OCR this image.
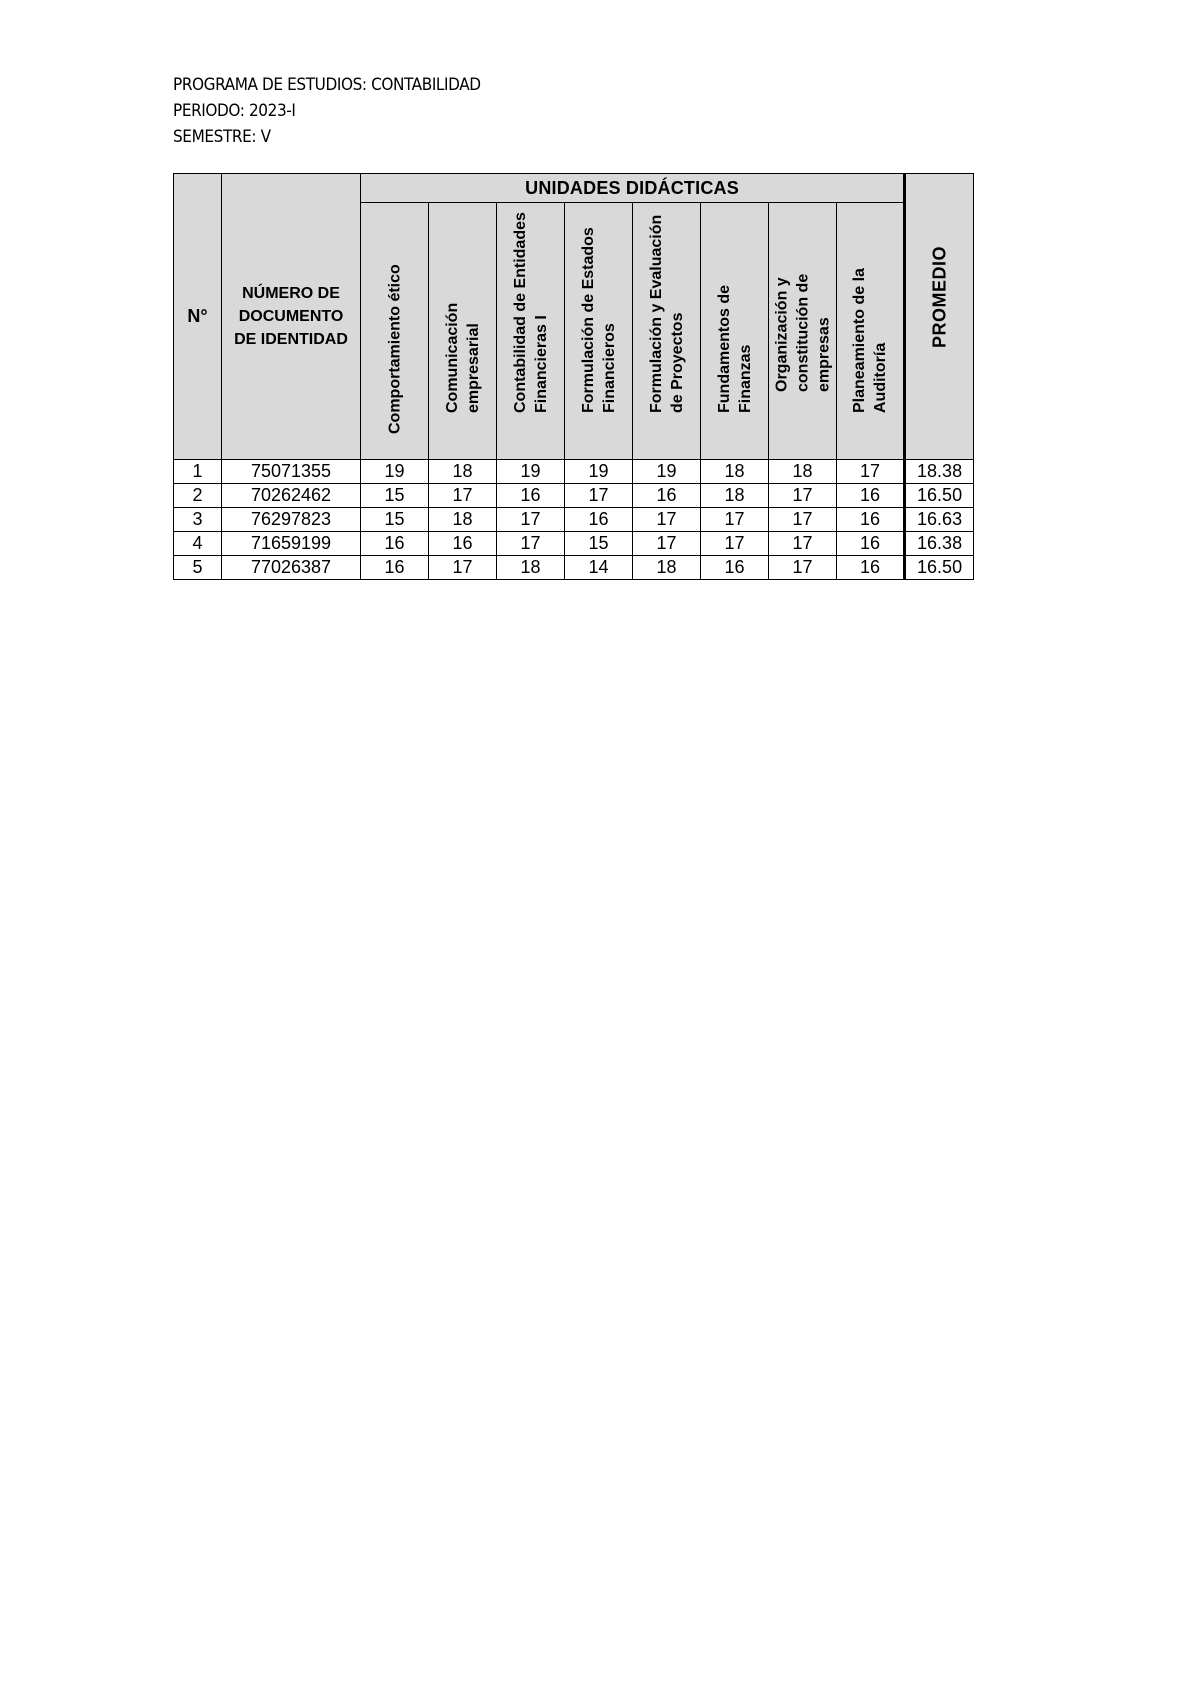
PROGRAMA DE ESTUDIOS: CONTABILIDAD
PERIODO: 2023-I
SEMESTRE: V
N°	NÚMERO DE
DOCUMENTO
DE IDENTIDAD	UNIDADES DIDÁCTICAS								PROMEDIO

		Comportamiento ético	Comunicación empresarial	Contabilidad de Entidades Financieras I	Formulación de Estados Financieros	Formulación y Evaluación de Proyectos	Fundamentos de Finanzas	Organización y constitución de empresas	Planeamiento de la Auditoría	

1	75071355	19	18	19	19	19	18	18	17	18.38
2	70262462	15	17	16	17	16	18	17	16	16.50
3	76297823	15	18	17	16	17	17	17	16	16.63
4	71659199	16	16	17	15	17	17	17	16	16.38
5	77026387	16	17	18	14	18	16	17	16	16.50
